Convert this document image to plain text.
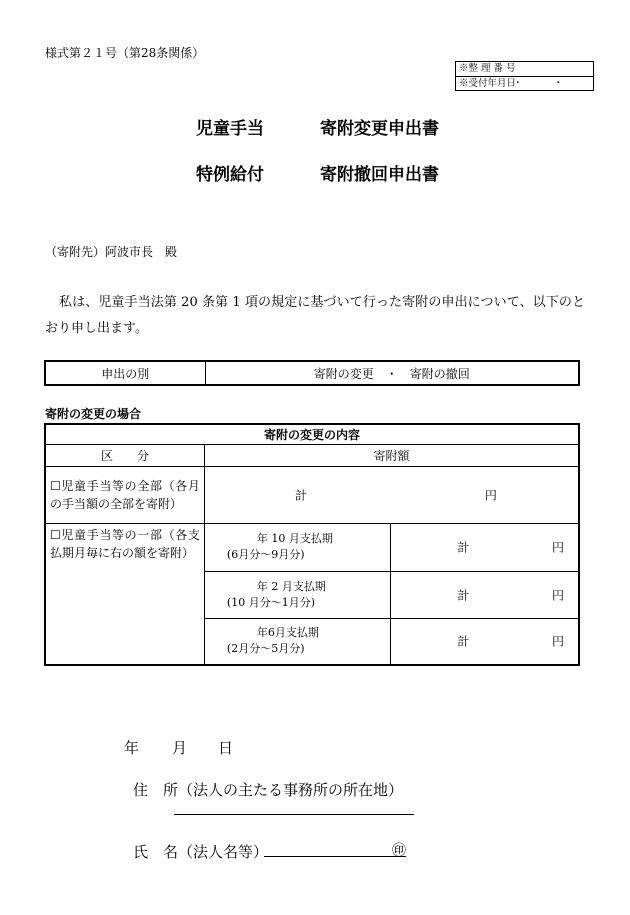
様式第２１号（第28条関係）
※整 理 番 号
※受付年月日
・ ・
児童手当	寄附変更申出書
特例給付	寄附撤回申出書
（寄附先）阿波市長　殿
私は、児童手当法第 20 条第 1 項の規定に基づいて行った寄附の申出について、以下のとおり申し出ます。
申出の別	寄附の変更　・　寄附の撤回
寄附の変更の場合
寄附の変更の内容		
区　　分	寄附額	
☐児童手当等の全部（各月の手当額の全部を寄附）	計 円	

☐児童手当等の一部（各支払期月毎に右の額を寄附）	年 10 月支払期
(6月分～9月分)	計 円

	年 2 月支払期
(10 月分～1月分)	計 円

	年6月支払期
(2月分～5月分)	計 円
年 月 日
住　所（法人の主たる事務所の所在地）
氏　名（法人名等）	㊞
